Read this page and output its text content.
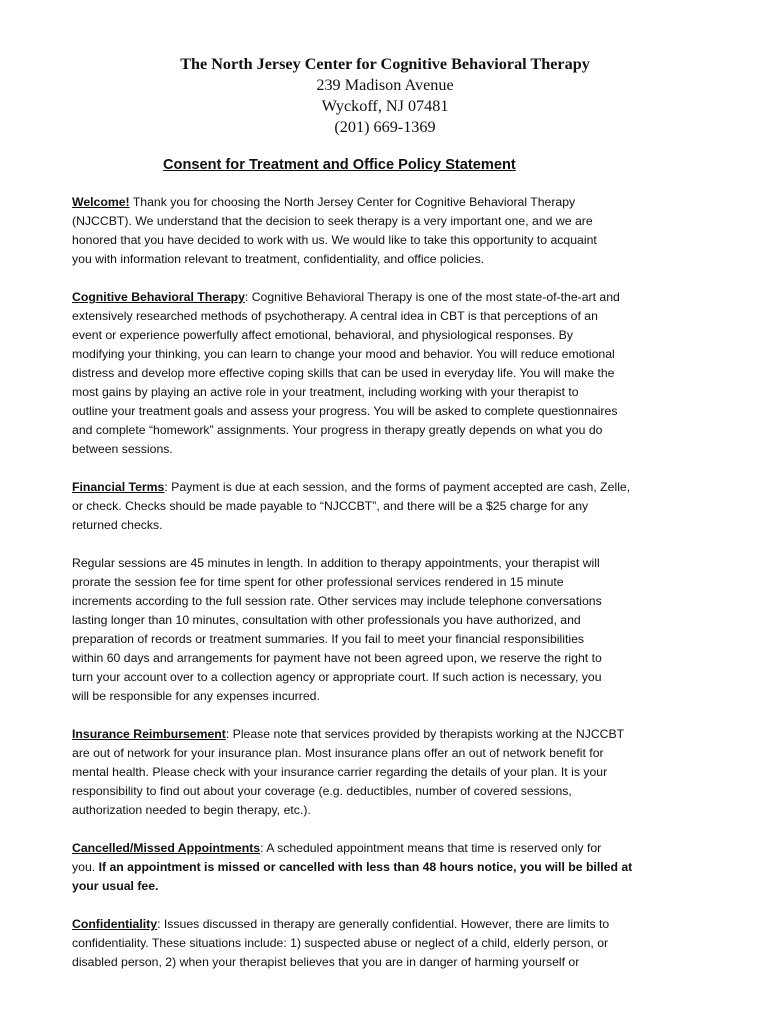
The North Jersey Center for Cognitive Behavioral Therapy
239 Madison Avenue
Wyckoff, NJ 07481
(201) 669-1369
Consent for Treatment and Office Policy Statement

Welcome! Thank you for choosing the North Jersey Center for Cognitive Behavioral Therapy
(NJCCBT). We understand that the decision to seek therapy is a very important one, and we are
honored that you have decided to work with us. We would like to take this opportunity to acquaint
you with information relevant to treatment, confidentiality, and office policies.

Cognitive Behavioral Therapy: Cognitive Behavioral Therapy is one of the most state-of-the-art and
extensively researched methods of psychotherapy. A central idea in CBT is that perceptions of an
event or experience powerfully affect emotional, behavioral, and physiological responses. By
modifying your thinking, you can learn to change your mood and behavior. You will reduce emotional
distress and develop more effective coping skills that can be used in everyday life. You will make the
most gains by playing an active role in your treatment, including working with your therapist to
outline your treatment goals and assess your progress. You will be asked to complete questionnaires
and complete “homework” assignments. Your progress in therapy greatly depends on what you do
between sessions.

Financial Terms: Payment is due at each session, and the forms of payment accepted are cash, Zelle,
or check. Checks should be made payable to “NJCCBT”, and there will be a $25 charge for any
returned checks.

Regular sessions are 45 minutes in length. In addition to therapy appointments, your therapist will
prorate the session fee for time spent for other professional services rendered in 15 minute
increments according to the full session rate. Other services may include telephone conversations
lasting longer than 10 minutes, consultation with other professionals you have authorized, and
preparation of records or treatment summaries. If you fail to meet your financial responsibilities
within 60 days and arrangements for payment have not been agreed upon, we reserve the right to
turn your account over to a collection agency or appropriate court. If such action is necessary, you
will be responsible for any expenses incurred.

Insurance Reimbursement: Please note that services provided by therapists working at the NJCCBT
are out of network for your insurance plan. Most insurance plans offer an out of network benefit for
mental health. Please check with your insurance carrier regarding the details of your plan. It is your
responsibility to find out about your coverage (e.g. deductibles, number of covered sessions,
authorization needed to begin therapy, etc.).

Cancelled/Missed Appointments: A scheduled appointment means that time is reserved only for
you. If an appointment is missed or cancelled with less than 48 hours notice, you will be billed at
your usual fee.

Confidentiality: Issues discussed in therapy are generally confidential. However, there are limits to
confidentiality. These situations include: 1) suspected abuse or neglect of a child, elderly person, or
disabled person, 2) when your therapist believes that you are in danger of harming yourself or
